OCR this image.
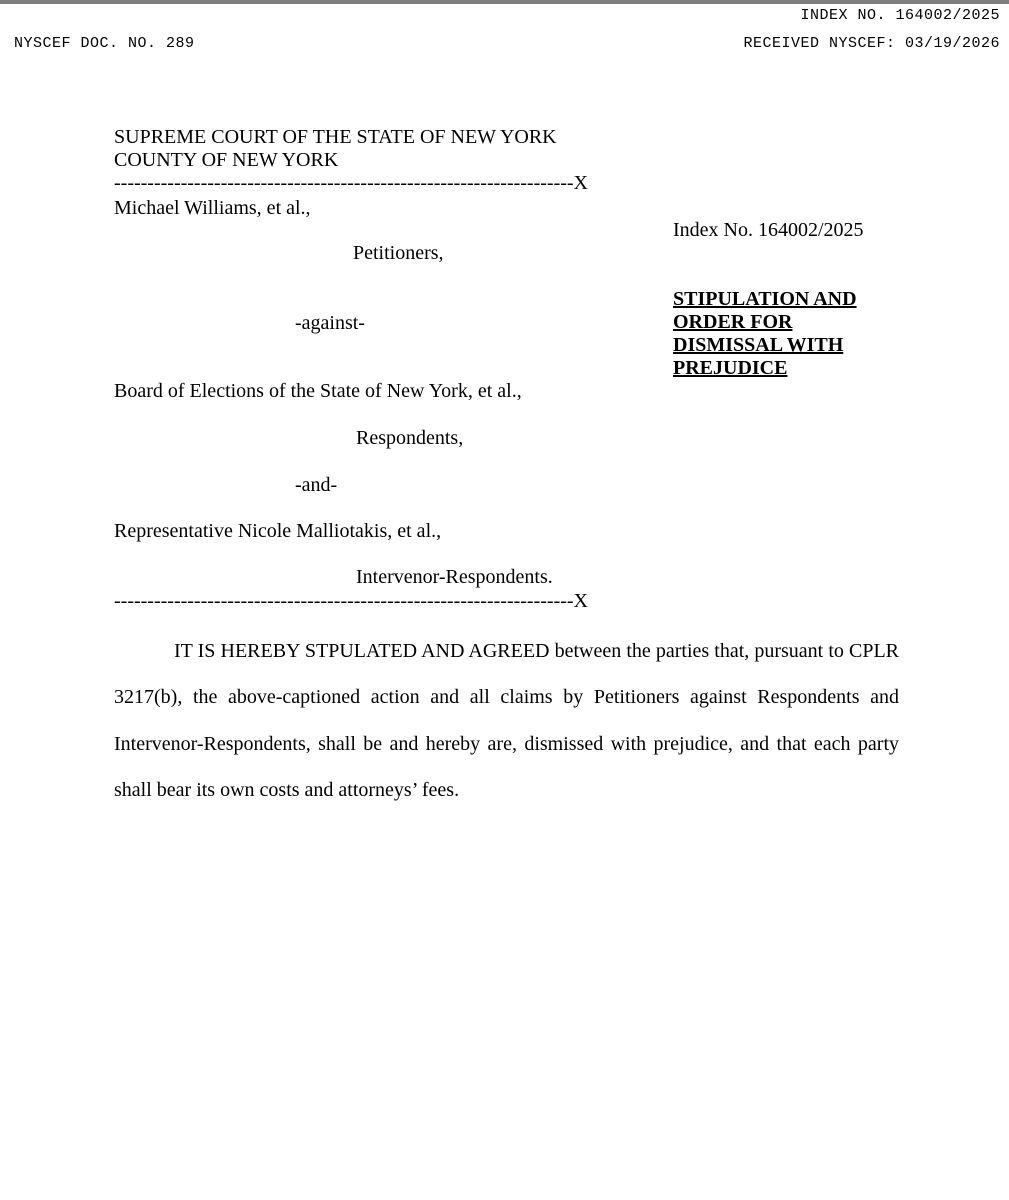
INDEX NO. 164002/2025
NYSCEF DOC. NO. 289	RECEIVED NYSCEF: 03/19/2026
SUPREME COURT OF THE STATE OF NEW YORK
COUNTY OF NEW YORK
---------------------------------------------------------------------X
Michael Williams, et al.,
Petitioners,
-against-
Board of Elections of the State of New York, et al.,
Respondents,
-and-
Representative Nicole Malliotakis, et al.,
Intervenor-Respondents.
---------------------------------------------------------------------X
Index No. 164002/2025
STIPULATION AND
ORDER FOR
DISMISSAL WITH
PREJUDICE
IT IS HEREBY STPULATED AND AGREED between the parties that, pursuant to CPLR 3217(b), the above-captioned action and all claims by Petitioners against Respondents and Intervenor-Respondents, shall be and hereby are, dismissed with prejudice, and that each party shall bear its own costs and attorneys’ fees.
